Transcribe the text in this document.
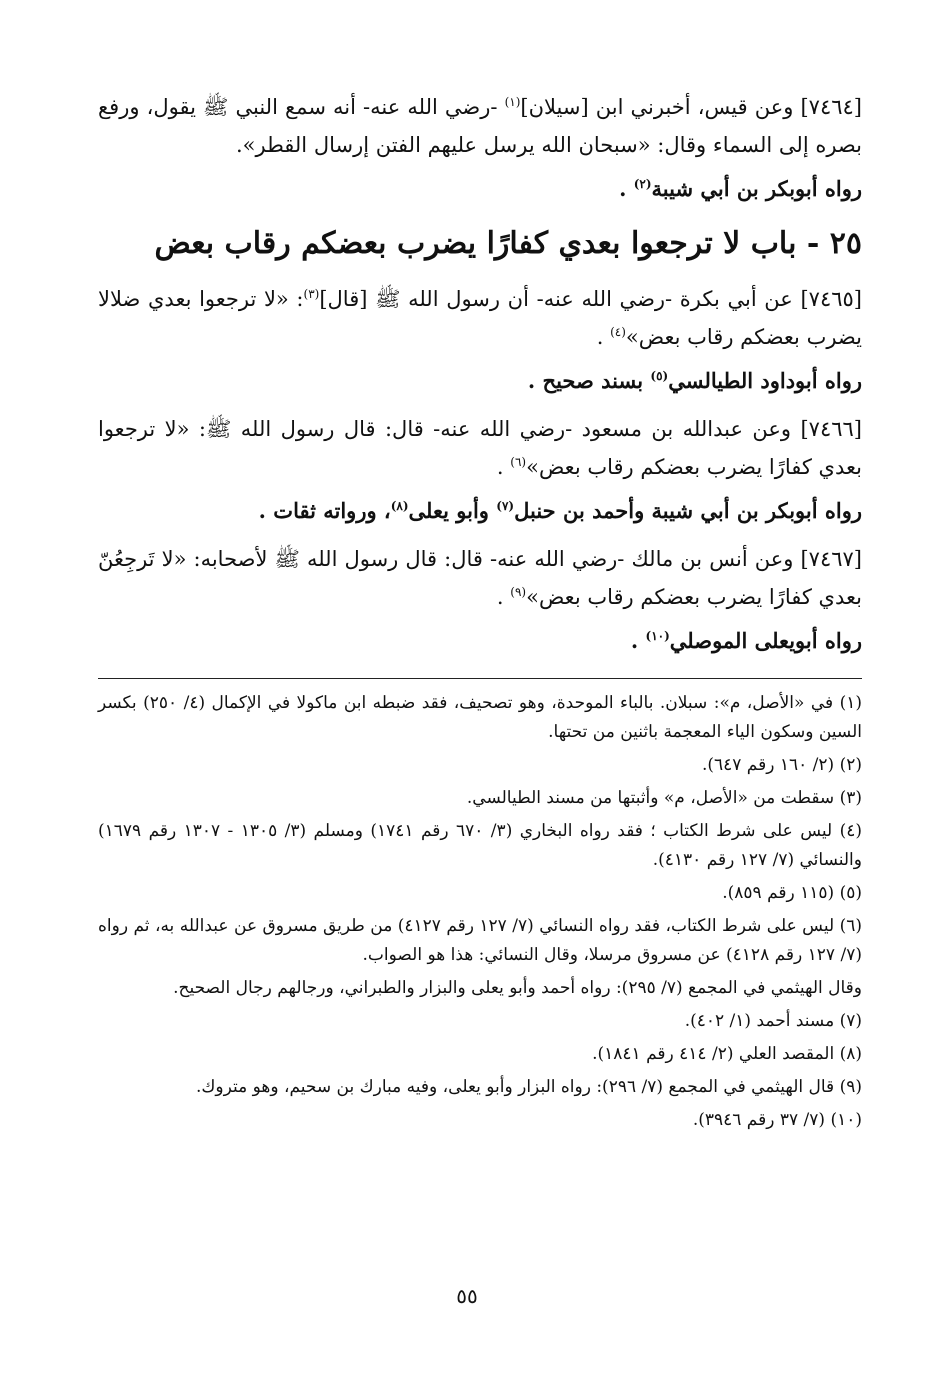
[٧٤٦٤] وعن قيس، أخبرني ابن [سيلان]$^{(١)}$ -رضي الله عنه- أنه سمع النبي ﷺ يقول، ورفع بصره إلى السماء وقال: «سبحان الله يرسل عليهم الفتن إرسال القطر».

رواه أبوبكر بن أبي شيبة$^{(٢)}$ .

٢٥ - باب لا ترجعوا بعدي كفارًا يضرب بعضكم رقاب بعض

[٧٤٦٥] عن أبي بكرة -رضي الله عنه- أن رسول الله ﷺ [قال]$^{(٣)}$: «لا ترجعوا بعدي ضلالا يضرب بعضكم رقاب بعض»$^{(٤)}$ .

رواه أبوداود الطيالسي$^{(٥)}$ بسند صحيح .

[٧٤٦٦] وعن عبدالله بن مسعود -رضي الله عنه- قال: قال رسول الله ﷺ: «لا ترجعوا بعدي كفارًا يضرب بعضكم رقاب بعض»$^{(٦)}$ .

رواه أبوبكر بن أبي شيبة وأحمد بن حنبل$^{(٧)}$ وأبو يعلى$^{(٨)}$، ورواته ثقات .

[٧٤٦٧] وعن أنس بن مالك -رضي الله عنه- قال: قال رسول الله ﷺ لأصحابه: «لا تَرجِعُنّ بعدي كفارًا يضرب بعضكم رقاب بعض»$^{(٩)}$ .

رواه أبويعلى الموصلي$^{(١٠)}$ .

(١) في «الأصل، م»: سبلان. بالباء الموحدة، وهو تصحيف، فقد ضبطه ابن ماكولا في الإكمال (٤/ ٢٥٠) بكسر السين وسكون الياء المعجمة باثنين من تحتها.

(٢) (٢/ ١٦٠ رقم ٦٤٧).

(٣) سقطت من «الأصل، م» وأثبتها من مسند الطيالسي.

(٤) ليس على شرط الكتاب ؛ فقد رواه البخاري (٣/ ٦٧٠ رقم ١٧٤١) ومسلم (٣/ ١٣٠٥ - ١٣٠٧ رقم ١٦٧٩) والنسائي (٧/ ١٢٧ رقم ٤١٣٠).

(٥) (١١٥ رقم ٨٥٩).

(٦) ليس على شرط الكتاب، فقد رواه النسائي (٧/ ١٢٧ رقم ٤١٢٧) من طريق مسروق عن عبدالله به، ثم رواه (٧/ ١٢٧ رقم ٤١٢٨) عن مسروق مرسلا، وقال النسائي: هذا هو الصواب.

وقال الهيثمي في المجمع (٧/ ٢٩٥): رواه أحمد وأبو يعلى والبزار والطبراني، ورجالهم رجال الصحيح.

(٧) مسند أحمد (١/ ٤٠٢).

(٨) المقصد العلي (٢/ ٤١٤ رقم ١٨٤١).

(٩) قال الهيثمي في المجمع (٧/ ٢٩٦): رواه البزار وأبو يعلى، وفيه مبارك بن سحيم، وهو متروك.

(١٠) (٧/ ٣٧ رقم ٣٩٤٦).

٥٥
